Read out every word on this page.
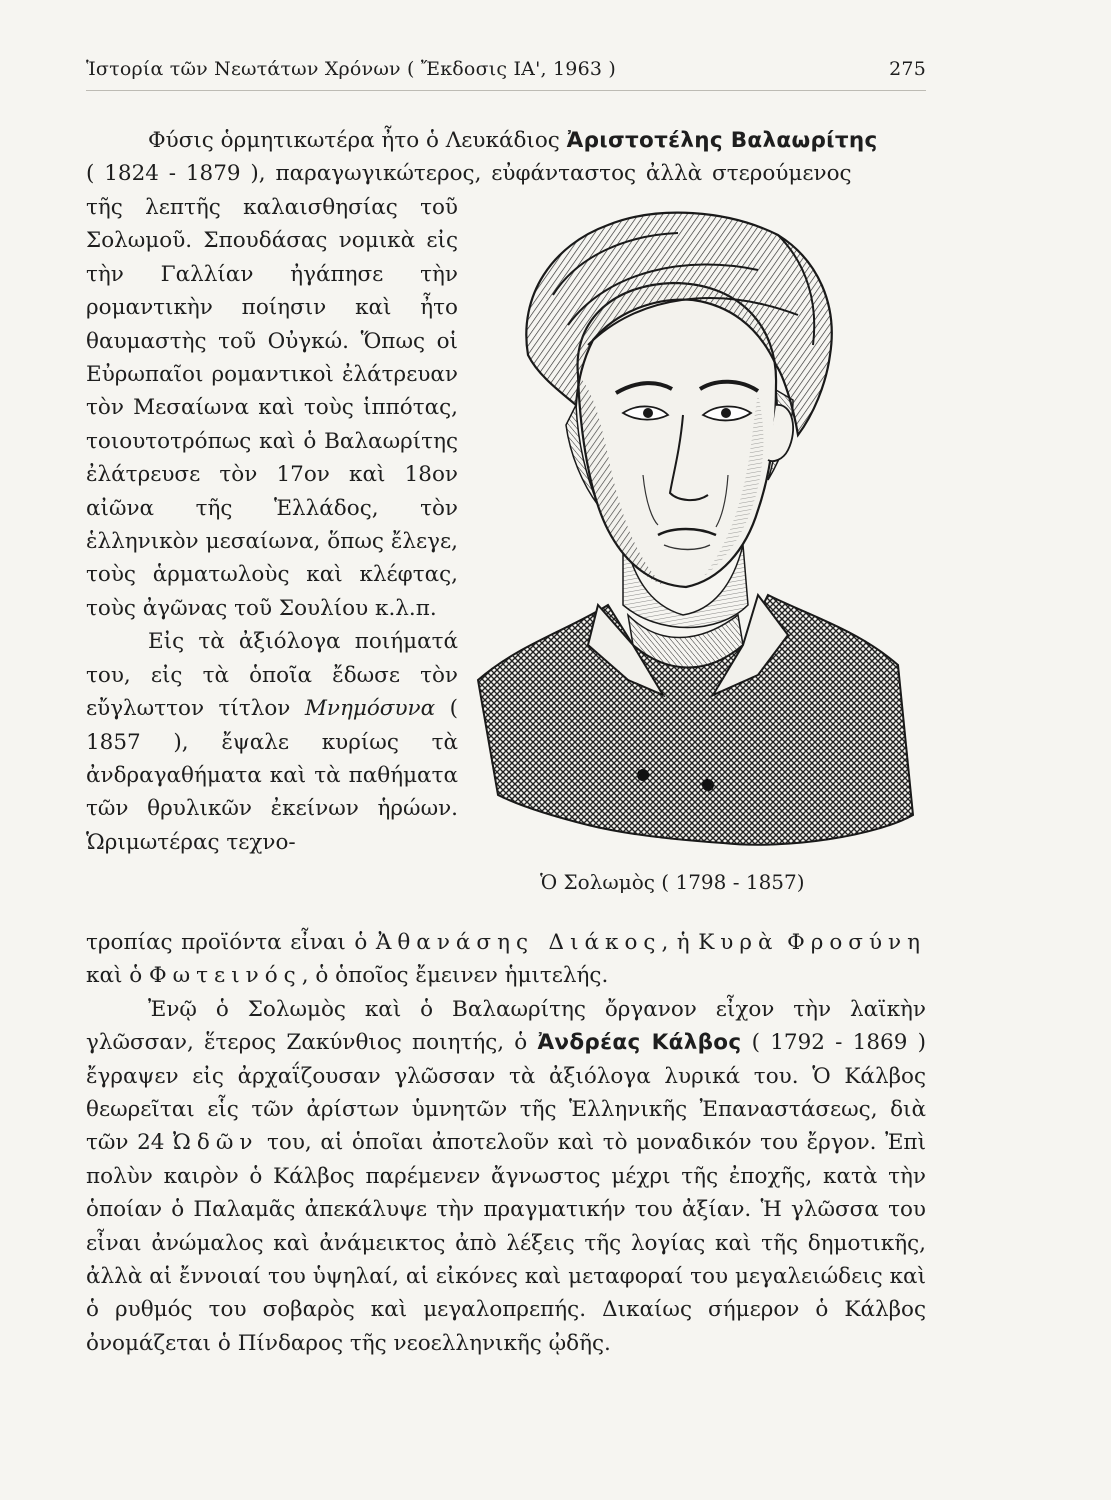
Ἱστορία τῶν Νεωτάτων Χρόνων ( Ἔκδοσις ΙΑ', 1963 )	275
Φύσις ὁρμητικωτέρα ἦτο ὁ Λευκάδιος Ἀριστοτέλης Βαλαωρίτης
( 1824 - 1879 ), παραγωγικώτερος, εὐφάνταστος ἀλλὰ στερούμενος

τῆς λεπτῆς καλαισθησίας τοῦ Σολωμοῦ. Σπουδάσας νομικὰ εἰς τὴν Γαλλίαν ἠγάπησε τὴν ρομαντικὴν ποίησιν καὶ ἦτο θαυμαστὴς τοῦ Οὐγκώ. Ὅπως οἱ Εὐρωπαῖοι ρομαντικοὶ ἐλάτρευαν τὸν Μεσαίωνα καὶ τοὺς ἱππότας, τοιουτοτρόπως καὶ ὁ Βαλαωρίτης ἐλάτρευσε τὸν 17ον καὶ 18ον αἰῶνα τῆς Ἑλλάδος, τὸν ἑλληνικὸν μεσαίωνα, ὅπως ἔλεγε, τοὺς ἁρματωλοὺς καὶ κλέφτας, τοὺς ἀγῶνας τοῦ Σουλίου κ.λ.π.

Εἰς τὰ ἀξιόλογα ποιήματά του, εἰς τὰ ὁποῖα ἔδωσε τὸν εὔγλωττον τίτλον Μνημόσυνα ( 1857 ), ἔψαλε κυρίως τὰ ἀνδραγαθήματα καὶ τὰ παθήματα τῶν θρυλικῶν ἐκείνων ἡρώων. Ὡριμωτέρας τεχνο-

Ὁ Σολωμὸς ( 1798 - 1857)

τροπίας προϊόντα εἶναι ὁ Ἀθανάσης Διάκος, ἡ Κυρὰ Φροσύνη καὶ ὁ Φωτεινός, ὁ ὁποῖος ἔμεινεν ἡμιτελής.

Ἐνῷ ὁ Σολωμὸς καὶ ὁ Βαλαωρίτης ὄργανον εἶχον τὴν λαϊκὴν γλῶσσαν, ἕτερος Ζακύνθιος ποιητής, ὁ Ἀνδρέας Κάλβος ( 1792 - 1869 ) ἔγραψεν εἰς ἀρχαΐζουσαν γλῶσσαν τὰ ἀξιόλογα λυρικά του. Ὁ Κάλβος θεωρεῖται εἷς τῶν ἀρίστων ὑμνητῶν τῆς Ἑλληνικῆς Ἐπαναστάσεως, διὰ τῶν 24 Ὠδῶν του, αἱ ὁποῖαι ἀποτελοῦν καὶ τὸ μοναδικόν του ἔργον. Ἐπὶ πολὺν καιρὸν ὁ Κάλβος παρέμενεν ἄγνωστος μέχρι τῆς ἐποχῆς, κατὰ τὴν ὁποίαν ὁ Παλαμᾶς ἀπεκάλυψε τὴν πραγματικήν του ἀξίαν. Ἡ γλῶσσα του εἶναι ἀνώμαλος καὶ ἀνάμεικτος ἀπὸ λέξεις τῆς λογίας καὶ τῆς δημοτικῆς, ἀλλὰ αἱ ἔννοιαί του ὑψηλαί, αἱ εἰκόνες καὶ μεταφοραί του μεγαλειώδεις καὶ ὁ ρυθμός του σοβαρὸς καὶ μεγαλοπρεπής. Δικαίως σήμερον ὁ Κάλβος ὀνομάζεται ὁ Πίνδαρος τῆς νεοελληνικῆς ᾠδῆς.
